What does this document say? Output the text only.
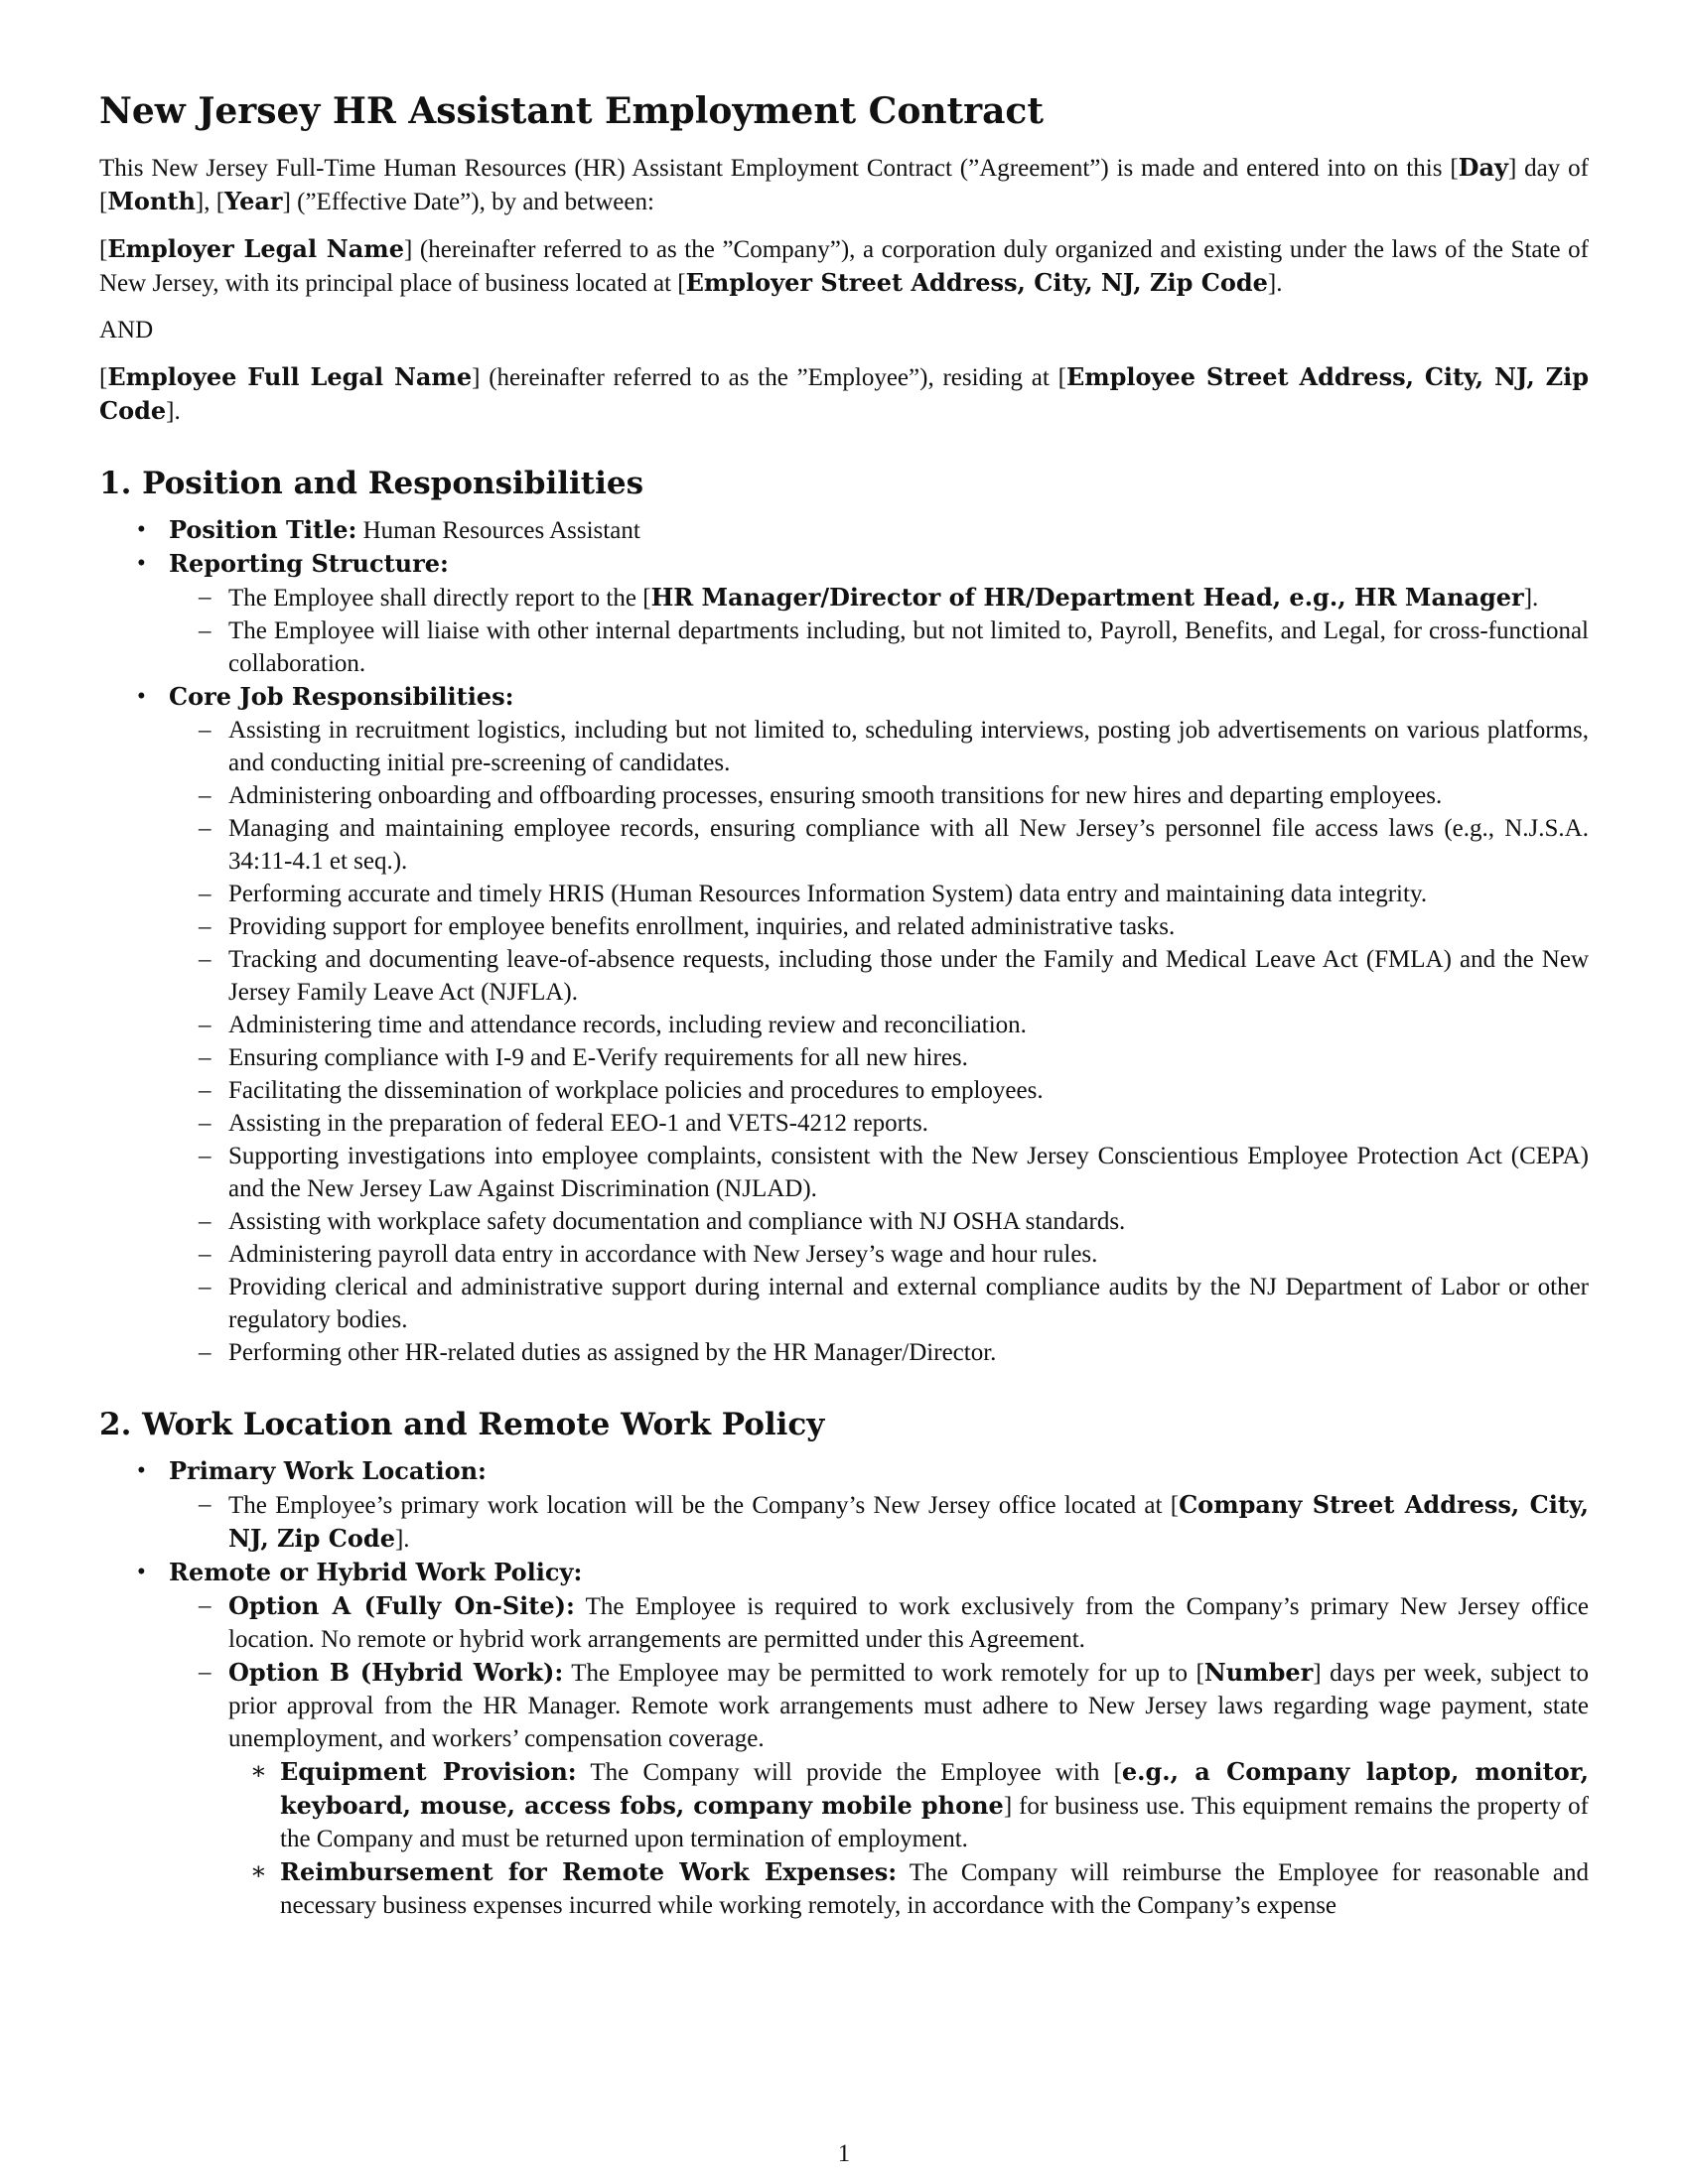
New Jersey HR Assistant Employment Contract

This New Jersey Full-Time Human Resources (HR) Assistant Employment Contract (”Agreement”) is made and entered into on this [Day] day of [Month], [Year] (”Effective Date”), by and between:

[Employer Legal Name] (hereinafter referred to as the ”Company”), a corporation duly organized and existing under the laws of the State of New Jersey, with its principal place of business located at [Employer Street Address, City, NJ, Zip Code].

AND

[Employee Full Legal Name] (hereinafter referred to as the ”Employee”), residing at [Employee Street Address, City, NJ, Zip Code].

1. Position and Responsibilities
• Position Title: Human Resources Assistant
• Reporting Structure:
– The Employee shall directly report to the [HR Manager/Director of HR/Department Head, e.g., HR Manager].
– The Employee will liaise with other internal departments including, but not limited to, Payroll, Benefits, and Legal, for cross-functional collaboration.
• Core Job Responsibilities:
– Assisting in recruitment logistics, including but not limited to, scheduling interviews, posting job advertisements on various platforms, and conducting initial pre-screening of candidates.
– Administering onboarding and offboarding processes, ensuring smooth transitions for new hires and departing employees.
– Managing and maintaining employee records, ensuring compliance with all New Jersey’s personnel file access laws (e.g., N.J.S.A. 34:11-4.1 et seq.).
– Performing accurate and timely HRIS (Human Resources Information System) data entry and maintaining data integrity.
– Providing support for employee benefits enrollment, inquiries, and related administrative tasks.
– Tracking and documenting leave-of-absence requests, including those under the Family and Medical Leave Act (FMLA) and the New Jersey Family Leave Act (NJFLA).
– Administering time and attendance records, including review and reconciliation.
– Ensuring compliance with I-9 and E-Verify requirements for all new hires.
– Facilitating the dissemination of workplace policies and procedures to employees.
– Assisting in the preparation of federal EEO-1 and VETS-4212 reports.
– Supporting investigations into employee complaints, consistent with the New Jersey Conscientious Employee Protection Act (CEPA) and the New Jersey Law Against Discrimination (NJLAD).
– Assisting with workplace safety documentation and compliance with NJ OSHA standards.
– Administering payroll data entry in accordance with New Jersey’s wage and hour rules.
– Providing clerical and administrative support during internal and external compliance audits by the NJ Department of Labor or other regulatory bodies.
– Performing other HR-related duties as assigned by the HR Manager/Director.
2. Work Location and Remote Work Policy
• Primary Work Location:
– The Employee’s primary work location will be the Company’s New Jersey office located at [Company Street Address, City, NJ, Zip Code].
• Remote or Hybrid Work Policy:
– Option A (Fully On-Site): The Employee is required to work exclusively from the Company’s primary New Jersey office location. No remote or hybrid work arrangements are permitted under this Agreement.
– Option B (Hybrid Work): The Employee may be permitted to work remotely for up to [Number] days per week, subject to prior approval from the HR Manager. Remote work arrangements must adhere to New Jersey laws regarding wage payment, state unemployment, and workers’ compensation coverage.
∗ Equipment Provision: The Company will provide the Employee with [e.g., a Company laptop, monitor, keyboard, mouse, access fobs, company mobile phone] for business use. This equipment remains the property of the Company and must be returned upon termination of employment.
∗ Reimbursement for Remote Work Expenses: The Company will reimburse the Employee for reasonable and necessary business expenses incurred while working remotely, in accordance with the Company’s expense
1
